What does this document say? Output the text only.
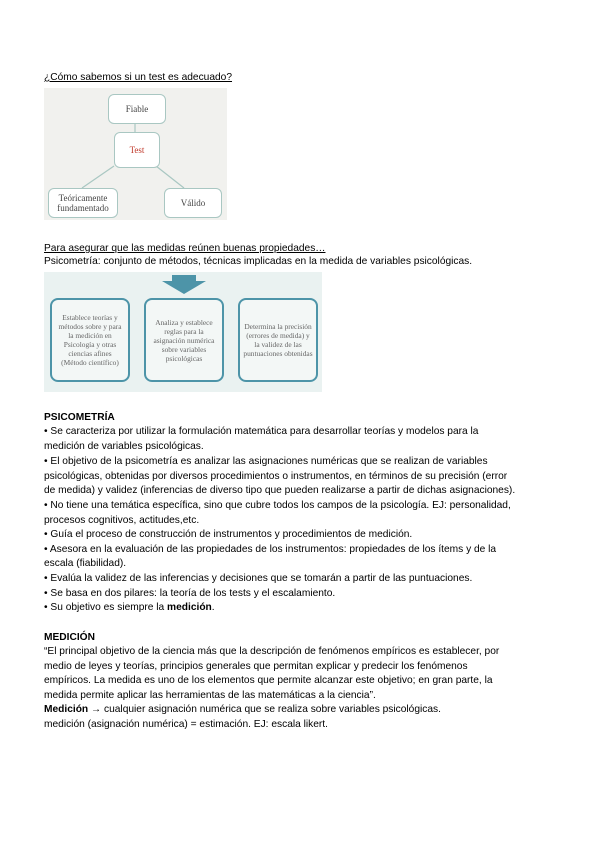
¿Cómo sabemos si un test es adecuado?
Fiable
Test
Teóricamente fundamentado	Válido
Para asegurar que las medidas reúnen buenas propiedades…
Psicometría: conjunto de métodos, técnicas implicadas en la medida de variables psicológicas.
Establece teorías y métodos sobre y para la medición en Psicología y otras ciencias afines (Método científico)
Analiza y establece reglas para la asignación numérica sobre variables psicológicas
Determina la precisión (errores de medida) y la validez de las puntuaciones obtenidas
PSICOMETRÍA
• Se caracteriza por utilizar la formulación matemática para desarrollar teorías y modelos para la
medición de variables psicológicas.
• El objetivo de la psicometría es analizar las asignaciones numéricas que se realizan de variables
psicológicas, obtenidas por diversos procedimientos o instrumentos, en términos de su precisión (error
de medida) y validez (inferencias de diverso tipo que pueden realizarse a partir de dichas asignaciones).
• No tiene una temática específica, sino que cubre todos los campos de la psicología. EJ: personalidad,
procesos cognitivos, actitudes,etc.
• Guía el proceso de construcción de instrumentos y procedimientos de medición.
• Asesora en la evaluación de las propiedades de los instrumentos: propiedades de los ítems y de la
escala (fiabilidad).
• Evalúa la validez de las inferencias y decisiones que se tomarán a partir de las puntuaciones.
• Se basa en dos pilares: la teoría de los tests y el escalamiento.
• Su objetivo es siempre la medición.
MEDICIÓN
“El principal objetivo de la ciencia más que la descripción de fenómenos empíricos es establecer, por
medio de leyes y teorías, principios generales que permitan explicar y predecir los fenómenos
empíricos. La medida es uno de los elementos que permite alcanzar este objetivo; en gran parte, la
medida permite aplicar las herramientas de las matemáticas a la ciencia”.
Medición → cualquier asignación numérica que se realiza sobre variables psicológicas.
medición (asignación numérica) = estimación. EJ: escala likert.
